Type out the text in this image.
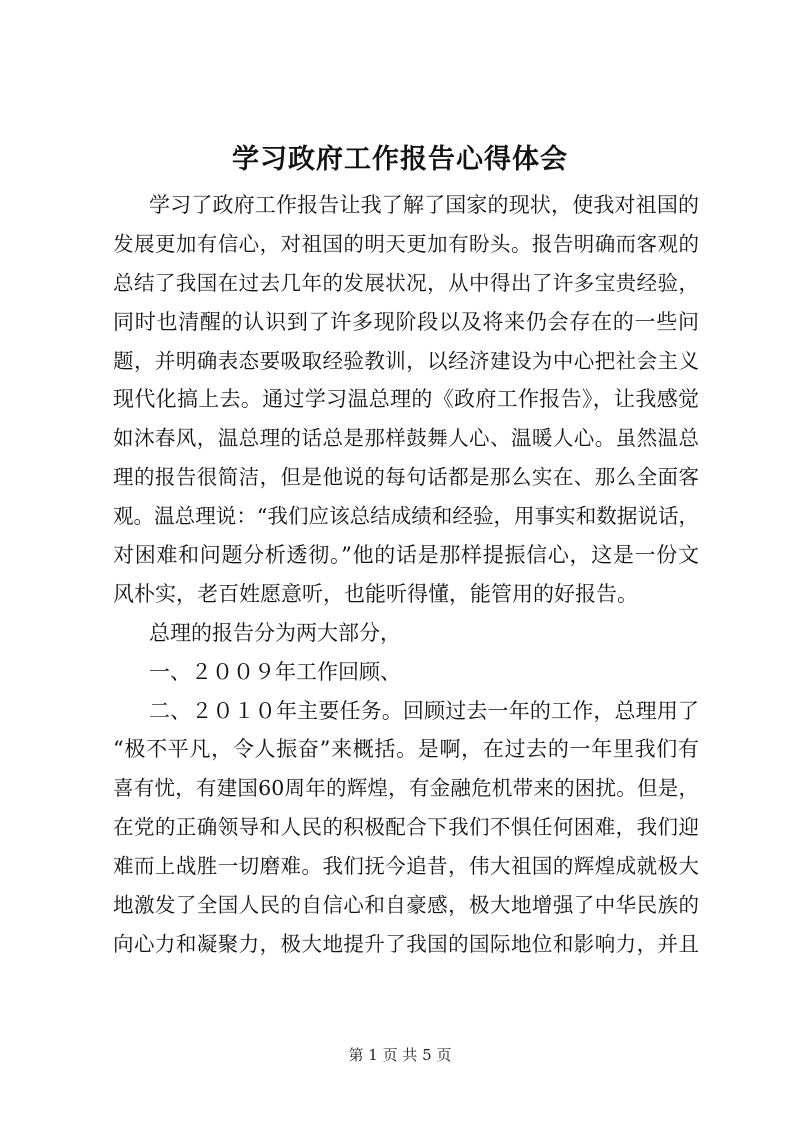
学习政府工作报告心得体会
学习了政府工作报告让我了解了国家的现状，使我对祖国的
发展更加有信心，对祖国的明天更加有盼头。报告明确而客观的
总结了我国在过去几年的发展状况，从中得出了许多宝贵经验，
同时也清醒的认识到了许多现阶段以及将来仍会存在的一些问
题，并明确表态要吸取经验教训，以经济建设为中心把社会主义
现代化搞上去。通过学习温总理的《政府工作报告》，让我感觉
如沐春风，温总理的话总是那样鼓舞人心、温暖人心。虽然温总
理的报告很简洁，但是他说的每句话都是那么实在、那么全面客
观。温总理说：“我们应该总结成绩和经验，用事实和数据说话，
对困难和问题分析透彻。”他的话是那样提振信心，这是一份文
风朴实，老百姓愿意听，也能听得懂，能管用的好报告。
总理的报告分为两大部分，
一、２００９年工作回顾、
二、２０１０年主要任务。回顾过去一年的工作，总理用了
“极不平凡，令人振奋”来概括。是啊，在过去的一年里我们有
喜有忧，有建国60周年的辉煌，有金融危机带来的困扰。但是，
在党的正确领导和人民的积极配合下我们不惧任何困难，我们迎
难而上战胜一切磨难。我们抚今追昔，伟大祖国的辉煌成就极大
地激发了全国人民的自信心和自豪感，极大地增强了中华民族的
向心力和凝聚力，极大地提升了我国的国际地位和影响力，并且
第 1 页 共 5 页
